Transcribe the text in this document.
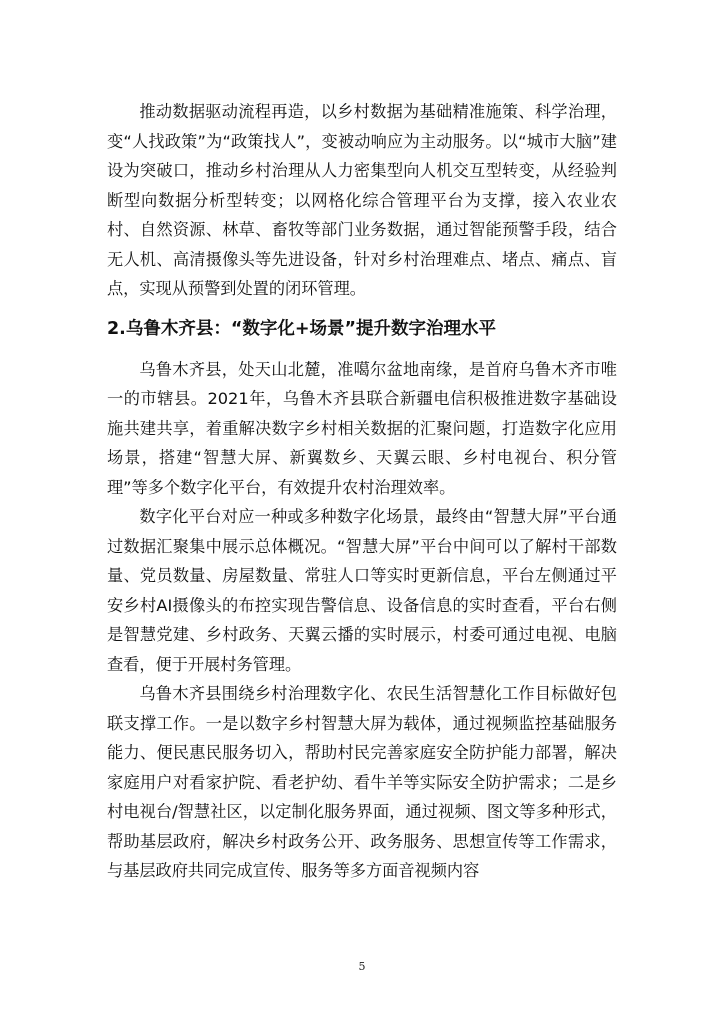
推动数据驱动流程再造，以乡村数据为基础精准施策、科学治理，变“人找政策”为“政策找人”，变被动响应为主动服务。以“城市大脑”建设为突破口，推动乡村治理从人力密集型向人机交互型转变，从经验判断型向数据分析型转变；以网格化综合管理平台为支撑，接入农业农村、自然资源、林草、畜牧等部门业务数据，通过智能预警手段，结合无人机、高清摄像头等先进设备，针对乡村治理难点、堵点、痛点、盲点，实现从预警到处置的闭环管理。

2.乌鲁木齐县：“数字化+场景”提升数字治理水平

乌鲁木齐县，处天山北麓，准噶尔盆地南缘，是首府乌鲁木齐市唯一的市辖县。2021年，乌鲁木齐县联合新疆电信积极推进数字基础设施共建共享，着重解决数字乡村相关数据的汇聚问题，打造数字化应用场景，搭建“智慧大屏、新翼数乡、天翼云眼、乡村电视台、积分管理”等多个数字化平台，有效提升农村治理效率。

数字化平台对应一种或多种数字化场景，最终由“智慧大屏”平台通过数据汇聚集中展示总体概况。“智慧大屏”平台中间可以了解村干部数量、党员数量、房屋数量、常驻人口等实时更新信息，平台左侧通过平安乡村AI摄像头的布控实现告警信息、设备信息的实时查看，平台右侧是智慧党建、乡村政务、天翼云播的实时展示，村委可通过电视、电脑查看，便于开展村务管理。

乌鲁木齐县围绕乡村治理数字化、农民生活智慧化工作目标做好包联支撑工作。一是以数字乡村智慧大屏为载体，通过视频监控基础服务能力、便民惠民服务切入，帮助村民完善家庭安全防护能力部署，解决家庭用户对看家护院、看老护幼、看牛羊等实际安全防护需求；二是乡村电视台/智慧社区，以定制化服务界面，通过视频、图文等多种形式，帮助基层政府，解决乡村政务公开、政务服务、思想宣传等工作需求，与基层政府共同完成宣传、服务等多方面音视频内容

5
